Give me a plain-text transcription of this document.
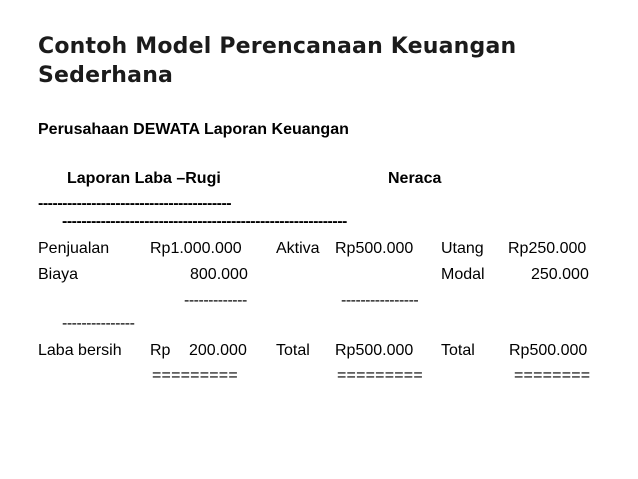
Contoh Model Perencanaan Keuangan
Sederhana
Perusahaan DEWATA Laporan Keuangan
Laporan Laba –Rugi	Neraca
----------------------------------------
-----------------------------------------------------------
Penjualan	Rp1.000.000 Aktiva Rp500.000 Utang Rp250.000
Biaya	800.000	Modal	250.000
-------------	----------------
---------------
Laba bersih Rp 200.000 Total Rp500.000 Total Rp500.000
=========	=========	========
